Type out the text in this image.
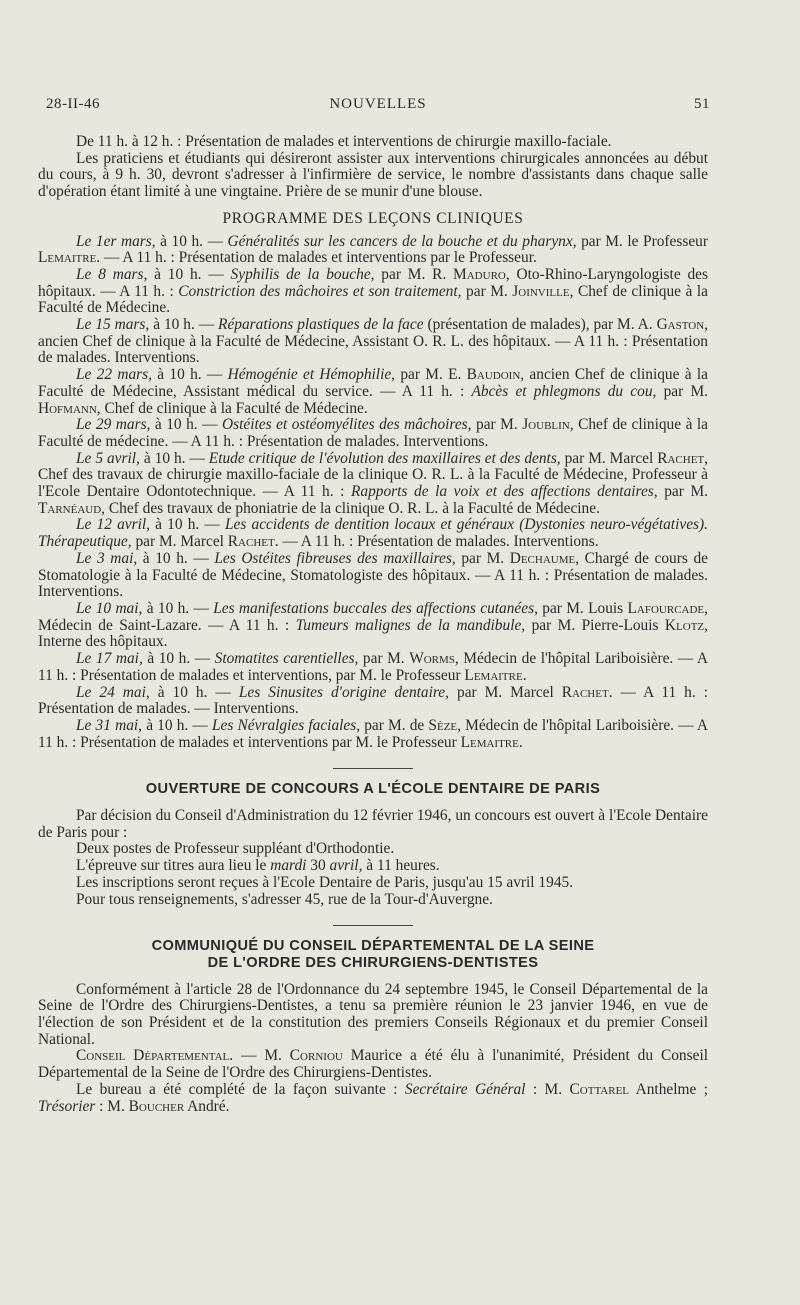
28-II-46	NOUVELLES	51

De 11 h. à 12 h. : Présentation de malades et interventions de chirurgie maxillo-faciale.

Les praticiens et étudiants qui désireront assister aux interventions chirurgicales annoncées au début du cours, à 9 h. 30, devront s'adresser à l'infirmière de service, le nombre d'assistants dans chaque salle d'opération étant limité à une vingtaine. Prière de se munir d'une blouse.

PROGRAMME DES LEÇONS CLINIQUES

Le 1er mars, à 10 h. — Généralités sur les cancers de la bouche et du pharynx, par M. le Professeur Lemaitre. — A 11 h. : Présentation de malades et interventions par le Professeur.

Le 8 mars, à 10 h. — Syphilis de la bouche, par M. R. Maduro, Oto-Rhino-Laryngologiste des hôpitaux. — A 11 h. : Constriction des mâchoires et son traitement, par M. Joinville, Chef de clinique à la Faculté de Médecine.

Le 15 mars, à 10 h. — Réparations plastiques de la face (présentation de malades), par M. A. Gaston, ancien Chef de clinique à la Faculté de Médecine, Assistant O. R. L. des hôpitaux. — A 11 h. : Présentation de malades. Interventions.

Le 22 mars, à 10 h. — Hémogénie et Hémophilie, par M. E. Baudoin, ancien Chef de clinique à la Faculté de Médecine, Assistant médical du service. — A 11 h. : Abcès et phlegmons du cou, par M. Hofmann, Chef de clinique à la Faculté de Médecine.

Le 29 mars, à 10 h. — Ostéites et ostéomyélites des mâchoires, par M. Joublin, Chef de clinique à la Faculté de médecine. — A 11 h. : Présentation de malades. Interventions.

Le 5 avril, à 10 h. — Etude critique de l'évolution des maxillaires et des dents, par M. Marcel Rachet, Chef des travaux de chirurgie maxillo-faciale de la clinique O. R. L. à la Faculté de Médecine, Professeur à l'Ecole Dentaire Odontotechnique. — A 11 h. : Rapports de la voix et des affections dentaires, par M. Tarnéaud, Chef des travaux de phoniatrie de la clinique O. R. L. à la Faculté de Médecine.

Le 12 avril, à 10 h. — Les accidents de dentition locaux et généraux (Dystonies neuro-végétatives). Thérapeutique, par M. Marcel Rachet. — A 11 h. : Présentation de malades. Interventions.

Le 3 mai, à 10 h. — Les Ostéites fibreuses des maxillaires, par M. Dechaume, Chargé de cours de Stomatologie à la Faculté de Médecine, Stomatologiste des hôpitaux. — A 11 h. : Présentation de malades. Interventions.

Le 10 mai, à 10 h. — Les manifestations buccales des affections cutanées, par M. Louis Lafourcade, Médecin de Saint-Lazare. — A 11 h. : Tumeurs malignes de la mandibule, par M. Pierre-Louis Klotz, Interne des hôpitaux.

Le 17 mai, à 10 h. — Stomatites carentielles, par M. Worms, Médecin de l'hôpital Lariboisière. — A 11 h. : Présentation de malades et interventions, par M. le Professeur Lemaitre.

Le 24 mai, à 10 h. — Les Sinusites d'origine dentaire, par M. Marcel Rachet. — A 11 h. : Présentation de malades. — Interventions.

Le 31 mai, à 10 h. — Les Névralgies faciales, par M. de Sèze, Médecin de l'hôpital Lariboisière. — A 11 h. : Présentation de malades et interventions par M. le Professeur Lemaitre.

OUVERTURE DE CONCOURS A L'ÉCOLE DENTAIRE DE PARIS

Par décision du Conseil d'Administration du 12 février 1946, un concours est ouvert à l'Ecole Dentaire de Paris pour :

Deux postes de Professeur suppléant d'Orthodontie.

L'épreuve sur titres aura lieu le mardi 30 avril, à 11 heures.

Les inscriptions seront reçues à l'Ecole Dentaire de Paris, jusqu'au 15 avril 1945.

Pour tous renseignements, s'adresser 45, rue de la Tour-d'Auvergne.

COMMUNIQUÉ DU CONSEIL DÉPARTEMENTAL DE LA SEINE
DE L'ORDRE DES CHIRURGIENS-DENTISTES

Conformément à l'article 28 de l'Ordonnance du 24 septembre 1945, le Conseil Départemental de la Seine de l'Ordre des Chirurgiens-Dentistes, a tenu sa première réunion le 23 janvier 1946, en vue de l'élection de son Président et de la constitution des premiers Conseils Régionaux et du premier Conseil National.

Conseil Départemental. — M. Corniou Maurice a été élu à l'unanimité, Président du Conseil Départemental de la Seine de l'Ordre des Chirurgiens-Dentistes.

Le bureau a été complété de la façon suivante : Secrétaire Général : M. Cottarel Anthelme ; Trésorier : M. Boucher André.
